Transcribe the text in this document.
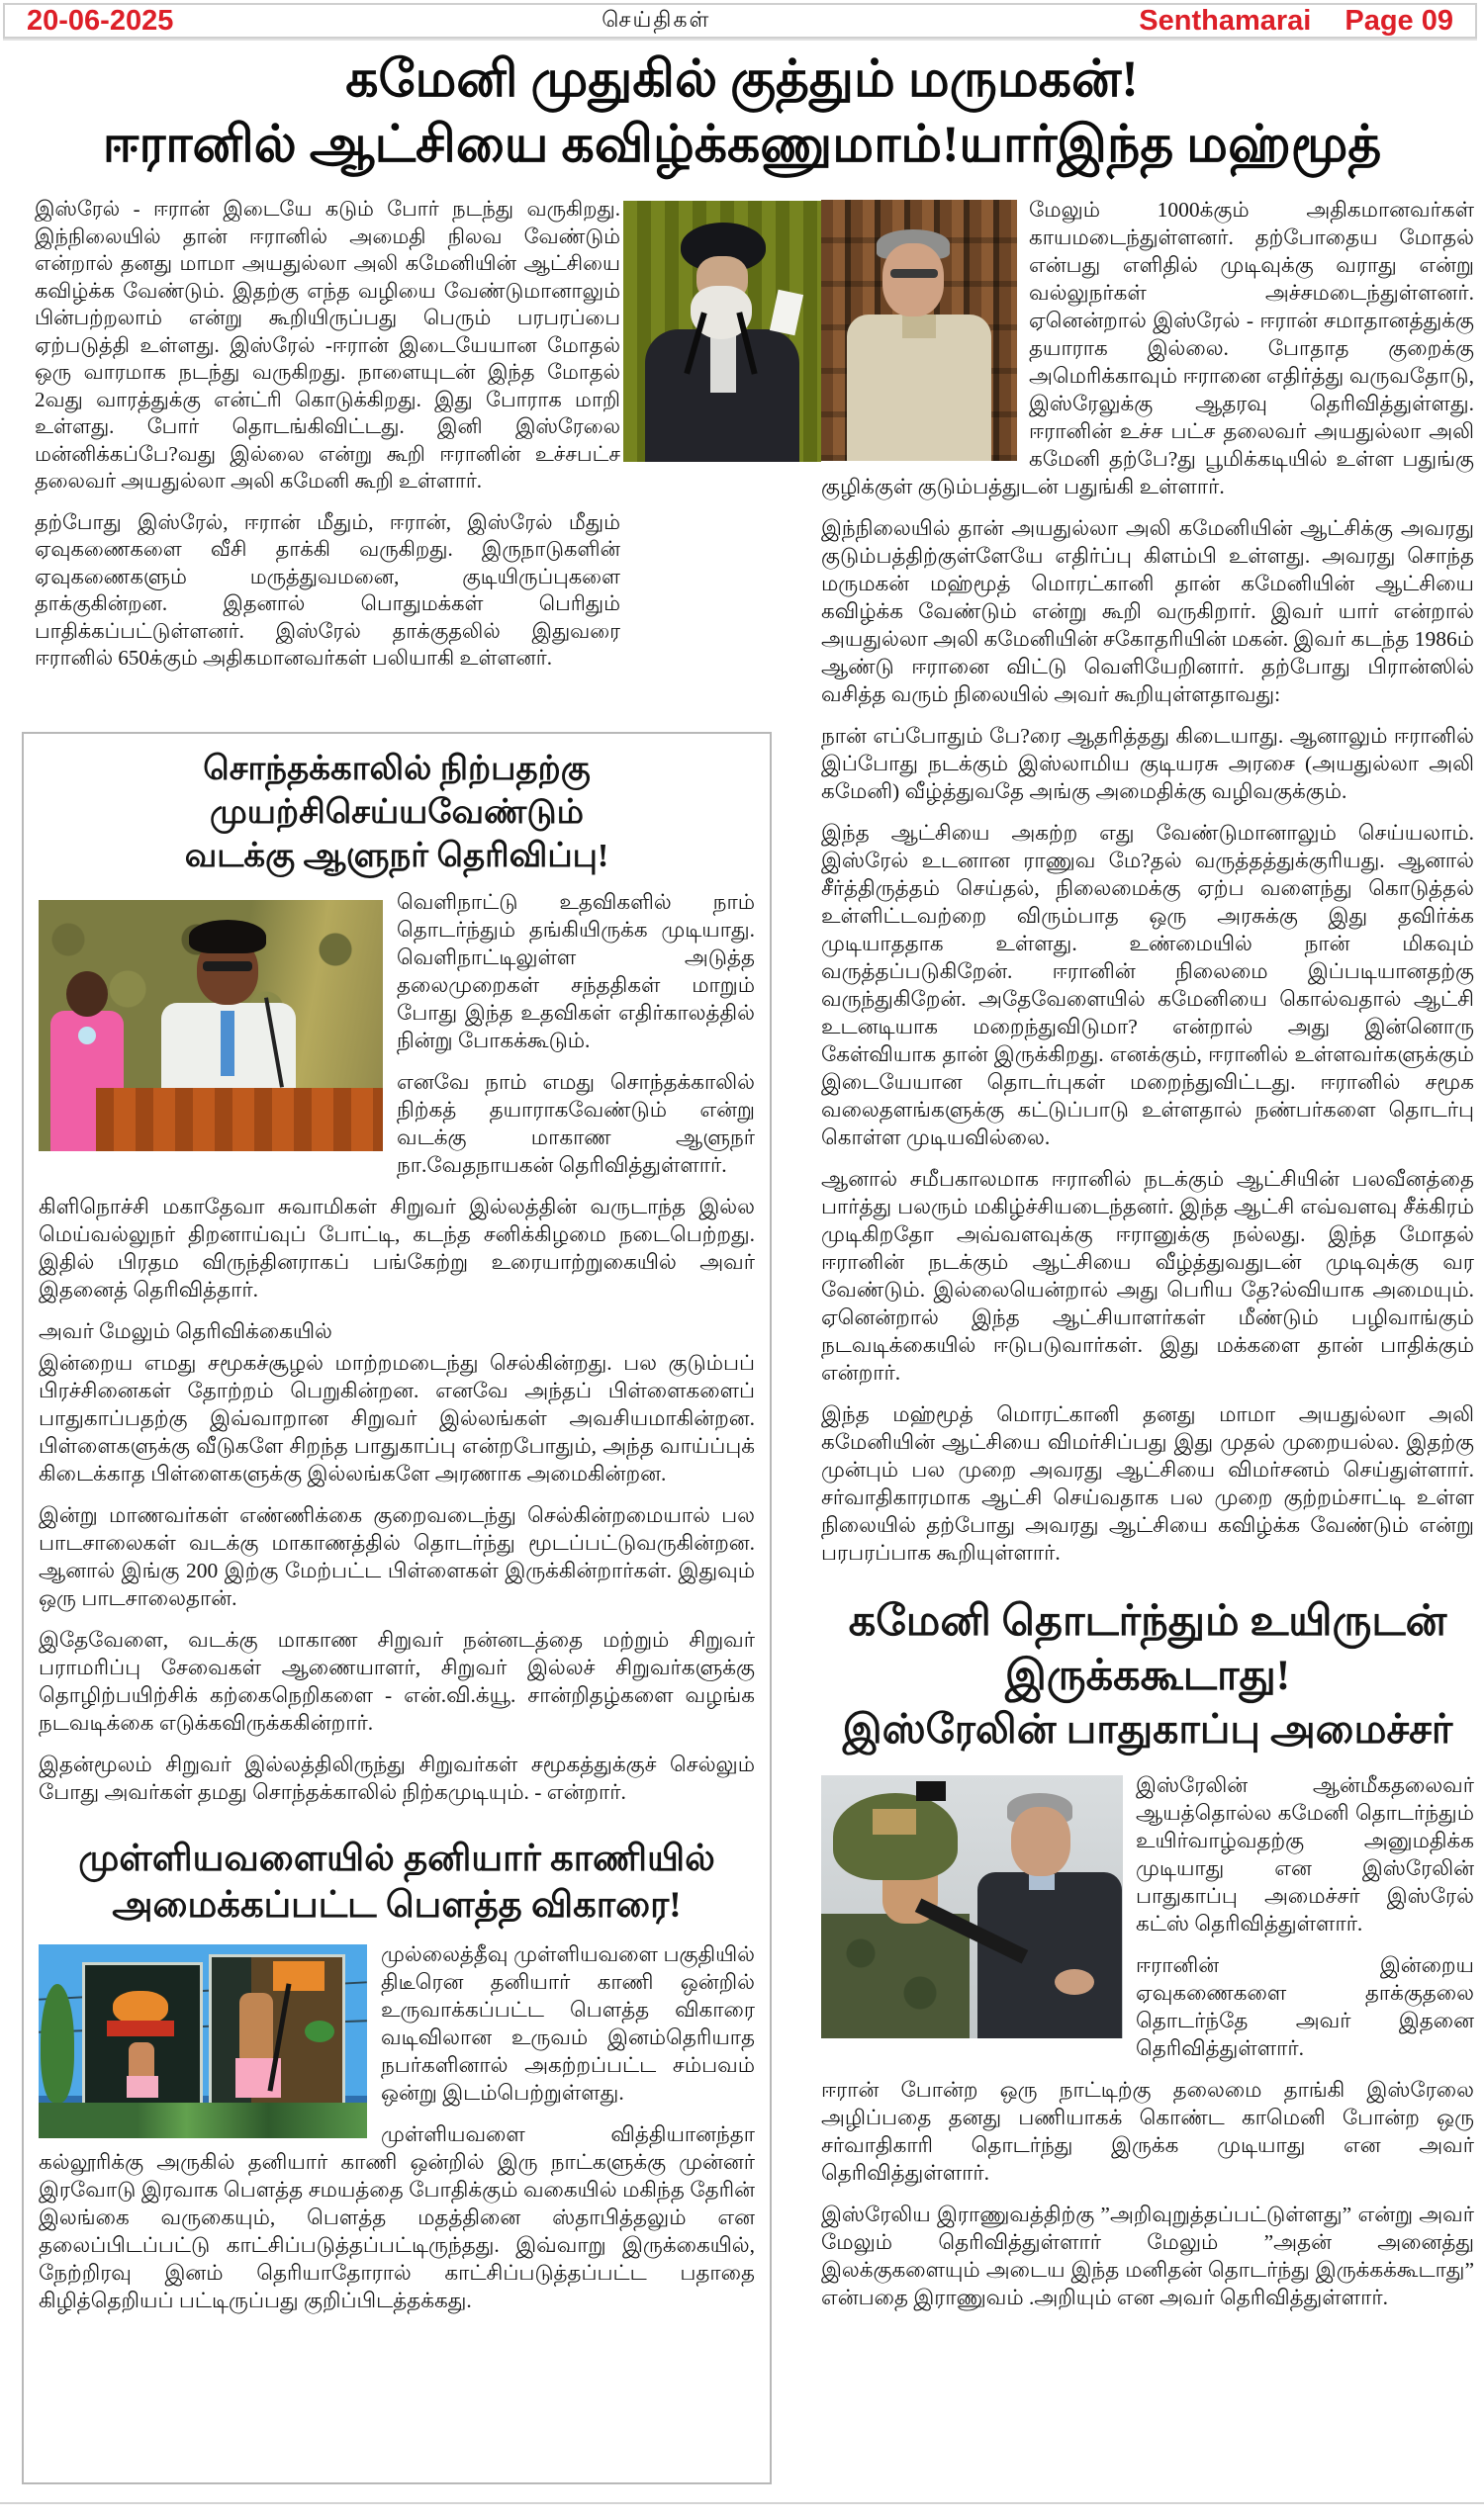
20-06-2025	செய்திகள்	Senthamarai Page 09
கமேனி முதுகில் குத்தும் மருமகன்!
ஈரானில் ஆட்சியை கவிழ்க்கணுமாம்!யார்இந்த மஹ்மூத்

இஸ்ரேல் - ஈரான் இடையே கடும் போர் நடந்து வருகிறது. இந்நிலையில் தான் ஈரானில் அமைதி நிலவ வேண்டும் என்றால் தனது மாமா அயதுல்லா அலி கமேனியின் ஆட்சியை கவிழ்க்க வேண்டும். இதற்கு எந்த வழியை வேண்டுமானாலும் பின்பற்றலாம் என்று கூறியிருப்பது பெரும் பரபரப்பை ஏற்படுத்தி உள்ளது. இஸ்ரேல் -ஈரான் இடையேயான மோதல் ஒரு வாரமாக நடந்து வருகிறது. நாளையுடன் இந்த மோதல் 2வது வாரத்துக்கு என்ட்ரி கொடுக்கிறது. இது போராக மாறி உள்ளது. போர் தொடங்கிவிட்டது. இனி இஸ்ரேலை மன்னிக்கப்பே?வது இல்லை என்று கூறி ஈரானின் உச்சபட்ச தலைவர் அயதுல்லா அலி கமேனி கூறி உள்ளார்.

தற்போது இஸ்ரேல், ஈரான் மீதும், ஈரான், இஸ்ரேல் மீதும் ஏவுகணைகளை வீசி தாக்கி வருகிறது. இருநாடுகளின் ஏவுகணைகளும் மருத்துவமனை, குடியிருப்புகளை தாக்குகின்றன. இதனால் பொதுமக்கள் பெரிதும் பாதிக்கப்பட்டுள்ளனர். இஸ்ரேல் தாக்குதலில் இதுவரை ஈரானில் 650க்கும் அதிகமானவர்கள் பலியாகி உள்ளனர்.

மேலும் 1000க்கும் அதிகமானவர்கள் காயமடைந்துள்ளனர். தற்போதைய மோதல் என்பது எளிதில் முடிவுக்கு வராது என்று வல்லுநர்கள் அச்சமடைந்துள்ளனர். ஏனென்றால் இஸ்ரேல் - ஈரான் சமாதானத்துக்கு தயாராக இல்லை. போதாத குறைக்கு அமெரிக்காவும் ஈரானை எதிர்த்து வருவதோடு, இஸ்ரேலுக்கு ஆதரவு தெரிவித்துள்ளது. ஈரானின் உச்ச பட்ச தலைவர் அயதுல்லா அலி கமேனி தற்பே?து பூமிக்கடியில் உள்ள பதுங்கு குழிக்குள் குடும்பத்துடன் பதுங்கி உள்ளார்.

இந்நிலையில் தான் அயதுல்லா அலி கமேனியின் ஆட்சிக்கு அவரது குடும்பத்திற்குள்ளேயே எதிர்ப்பு கிளம்பி உள்ளது. அவரது சொந்த மருமகன் மஹ்மூத் மொரட்கானி தான் கமேனியின் ஆட்சியை கவிழ்க்க வேண்டும் என்று கூறி வருகிறார். இவர் யார் என்றால் அயதுல்லா அலி கமேனியின் சகோதரியின் மகன். இவர் கடந்த 1986ம் ஆண்டு ஈரானை விட்டு வெளியேறினார். தற்போது பிரான்ஸில் வசித்த வரும் நிலையில் அவர் கூறியுள்ளதாவது:

நான் எப்போதும் பே?ரை ஆதரித்தது கிடையாது. ஆனாலும் ஈரானில் இப்போது நடக்கும் இஸ்லாமிய குடியரசு அரசை (அயதுல்லா அலி கமேனி) வீழ்த்துவதே அங்கு அமைதிக்கு வழிவகுக்கும்.

இந்த ஆட்சியை அகற்ற எது வேண்டுமானாலும் செய்யலாம். இஸ்ரேல் உடனான ராணுவ மே?தல் வருத்தத்துக்குரியது. ஆனால் சீர்த்திருத்தம் செய்தல், நிலைமைக்கு ஏற்ப வளைந்து கொடுத்தல் உள்ளிட்டவற்றை விரும்பாத ஒரு அரசுக்கு இது தவிர்க்க முடியாததாக உள்ளது. உண்மையில் நான் மிகவும் வருத்தப்படுகிறேன். ஈரானின் நிலைமை இப்படியானதற்கு வருந்துகிறேன். அதேவேளையில் கமேனியை கொல்வதால் ஆட்சி உடனடியாக மறைந்துவிடுமா? என்றால் அது இன்னொரு கேள்வியாக தான் இருக்கிறது. எனக்கும், ஈரானில் உள்ளவர்களுக்கும் இடையேயான தொடர்புகள் மறைந்துவிட்டது. ஈரானில் சமூக வலைதளங்களுக்கு கட்டுப்பாடு உள்ளதால் நண்பர்களை தொடர்பு கொள்ள முடியவில்லை.

ஆனால் சமீபகாலமாக ஈரானில் நடக்கும் ஆட்சியின் பலவீனத்தை பார்த்து பலரும் மகிழ்ச்சியடைந்தனர். இந்த ஆட்சி எவ்வளவு சீக்கிரம் முடிகிறதோ அவ்வளவுக்கு ஈரானுக்கு நல்லது. இந்த மோதல் ஈரானின் நடக்கும் ஆட்சியை வீழ்த்துவதுடன் முடிவுக்கு வர வேண்டும். இல்லையென்றால் அது பெரிய தே?ல்வியாக அமையும். ஏனென்றால் இந்த ஆட்சியாளர்கள் மீண்டும் பழிவாங்கும் நடவடிக்கையில் ஈடுபடுவார்கள். இது மக்களை தான் பாதிக்கும் என்றார்.

இந்த மஹ்மூத் மொரட்கானி தனது மாமா அயதுல்லா அலி கமேனியின் ஆட்சியை விமர்சிப்பது இது முதல் முறையல்ல. இதற்கு முன்பும் பல முறை அவரது ஆட்சியை விமர்சனம் செய்துள்ளார். சர்வாதிகாரமாக ஆட்சி செய்வதாக பல முறை குற்றம்சாட்டி உள்ள நிலையில் தற்போது அவரது ஆட்சியை கவிழ்க்க வேண்டும் என்று பரபரப்பாக கூறியுள்ளார்.

கமேனி தொடர்ந்தும் உயிருடன் இருக்ககூடாது!
இஸ்ரேலின் பாதுகாப்பு அமைச்சர்

இஸ்ரேலின் ஆன்மீகதலைவர் ஆயத்தொல்ல கமேனி தொடர்ந்தும் உயிர்வாழ்வதற்கு அனுமதிக்க முடியாது என இஸ்ரேலின் பாதுகாப்பு அமைச்சர் இஸ்ரேல் கட்ஸ் தெரிவித்துள்ளார்.

ஈரானின் இன்றைய ஏவுகணைகளை தாக்குதலை தொடர்ந்தே அவர் இதனை தெரிவித்துள்ளார்.

ஈரான் போன்ற ஒரு நாட்டிற்கு தலைமை தாங்கி இஸ்ரேலை அழிப்பதை தனது பணியாகக் கொண்ட காமெனி போன்ற ஒரு சர்வாதிகாரி தொடர்ந்து இருக்க முடியாது என அவர் தெரிவித்துள்ளார்.

இஸ்ரேலிய இராணுவத்திற்கு ”அறிவுறுத்தப்பட்டுள்ளது” என்று அவர் மேலும் தெரிவித்துள்ளார் மேலும் ”அதன் அனைத்து இலக்குகளையும் அடைய இந்த மனிதன் தொடர்ந்து இருக்கக்கூடாது” என்பதை இராணுவம் .அறியும் என அவர் தெரிவித்துள்ளார்.

சொந்தக்காலில் நிற்பதற்கு முயற்சிசெய்யவேண்டும்
வடக்கு ஆளுநர் தெரிவிப்பு!

வெளிநாட்டு உதவிகளில் நாம் தொடர்ந்தும் தங்கியிருக்க முடியாது. வெளிநாட்டிலுள்ள அடுத்த தலைமுறைகள் சந்ததிகள் மாறும் போது இந்த உதவிகள் எதிர்காலத்தில் நின்று போகக்கூடும்.

எனவே நாம் எமது சொந்தக்காலில் நிற்கத் தயாராகவேண்டும் என்று வடக்கு மாகாண ஆளுநர் நா.வேதநாயகன் தெரிவித்துள்ளார்.

கிளிநொச்சி மகாதேவா சுவாமிகள் சிறுவர் இல்லத்தின் வருடாந்த இல்ல மெய்வல்லுநர் திறனாய்வுப் போட்டி, கடந்த சனிக்கிழமை நடைபெற்றது. இதில் பிரதம விருந்தினராகப் பங்கேற்று உரையாற்றுகையில் அவர் இதனைத் தெரிவித்தார்.

அவர் மேலும் தெரிவிக்கையில்

இன்றைய எமது சமூகச்சூழல் மாற்றமடைந்து செல்கின்றது. பல குடும்பப் பிரச்சினைகள் தோற்றம் பெறுகின்றன. எனவே அந்தப் பிள்ளைகளைப் பாதுகாப்பதற்கு இவ்வாறான சிறுவர் இல்லங்கள் அவசியமாகின்றன. பிள்ளைகளுக்கு வீடுகளே சிறந்த பாதுகாப்பு என்றபோதும், அந்த வாய்ப்புக் கிடைக்காத பிள்ளைகளுக்கு இல்லங்களே அரணாக அமைகின்றன.

இன்று மாணவர்கள் எண்ணிக்கை குறைவடைந்து செல்கின்றமையால் பல பாடசாலைகள் வடக்கு மாகாணத்தில் தொடர்ந்து மூடப்பட்டுவருகின்றன. ஆனால் இங்கு 200 இற்கு மேற்பட்ட பிள்ளைகள் இருக்கின்றார்கள். இதுவும் ஒரு பாடசாலைதான்.

இதேவேளை, வடக்கு மாகாண சிறுவர் நன்னடத்தை மற்றும் சிறுவர் பராமரிப்பு சேவைகள் ஆணையாளர், சிறுவர் இல்லச் சிறுவர்களுக்கு தொழிற்பயிற்சிக் கற்கைநெறிகளை - என்.வி.க்யூ. சான்றிதழ்களை வழங்க நடவடிக்கை எடுக்கவிருக்ககின்றார்.

இதன்மூலம் சிறுவர் இல்லத்திலிருந்து சிறுவர்கள் சமூகத்துக்குச் செல்லும் போது அவர்கள் தமது சொந்தக்காலில் நிற்கமுடியும். - என்றார்.

முள்ளியவளையில் தனியார் காணியில்
அமைக்கப்பட்ட பௌத்த விகாரை!

முல்லைத்தீவு முள்ளியவளை பகுதியில் திடீரென தனியார் காணி ஒன்றில் உருவாக்கப்பட்ட பௌத்த விகாரை வடிவிலான உருவம் இனம்தெரியாத நபர்களினால் அகற்றப்பட்ட சம்பவம் ஒன்று இடம்பெற்றுள்ளது.

முள்ளியவளை வித்தியானந்தா கல்லூரிக்கு அருகில் தனியார் காணி ஒன்றில் இரு நாட்களுக்கு முன்னர் இரவோடு இரவாக பௌத்த சமயத்தை போதிக்கும் வகையில் மகிந்த தேரின் இலங்கை வருகையும், பௌத்த மதத்தினை ஸ்தாபித்தலும் என தலைப்பிடப்பட்டு காட்சிப்படுத்தப்பட்டிருந்தது. இவ்வாறு இருக்கையில், நேற்றிரவு இனம் தெரியாதோரால் காட்சிப்படுத்தப்பட்ட பதாதை கிழித்தெறியப் பட்டிருப்பது குறிப்பிடத்தக்கது.
